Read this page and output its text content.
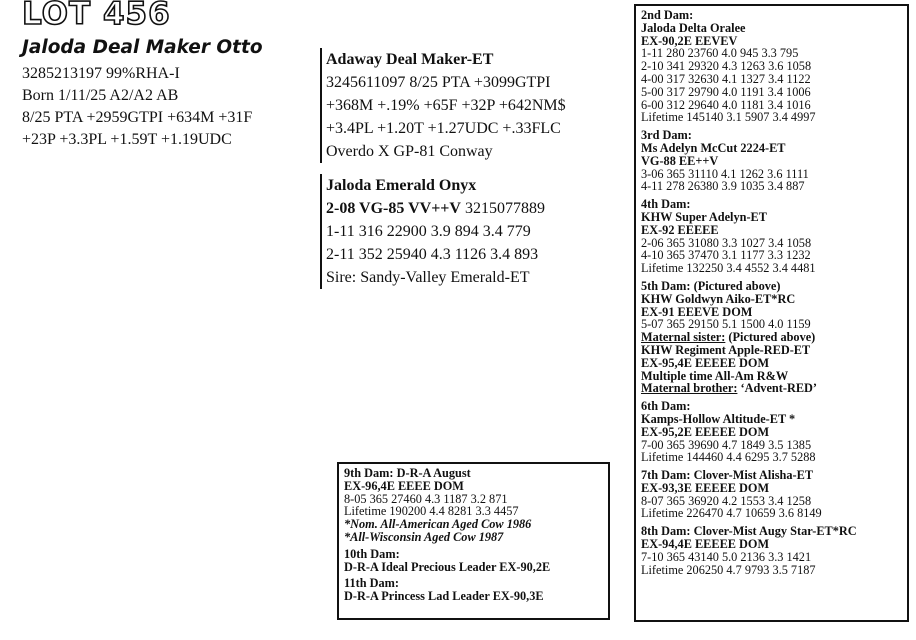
LOT 456
Jaloda Deal Maker Otto
3285213197 99%RHA-I
Born 1/11/25 A2/A2 AB
8/25 PTA +2959GTPI +634M +31F
+23P +3.3PL +1.59T +1.19UDC
Adaway Deal Maker-ET
3245611097 8/25 PTA +3099GTPI
+368M +.19% +65F +32P +642NM$
+3.4PL +1.20T +1.27UDC +.33FLC
Overdo X GP-81 Conway
Jaloda Emerald Onyx
2-08 VG-85 VV++V 3215077889
1-11 316 22900 3.9 894 3.4 779
2-11 352 25940 4.3 1126 3.4 893
Sire: Sandy-Valley Emerald-ET
2nd Dam:
Jaloda Delta Oralee
EX-90,2E EEVEV
1-11 280 23760 4.0 945 3.3 795
2-10 341 29320 4.3 1263 3.6 1058
4-00 317 32630 4.1 1327 3.4 1122
5-00 317 29790 4.0 1191 3.4 1006
6-00 312 29640 4.0 1181 3.4 1016
Lifetime 145140 3.1 5907 3.4 4997
3rd Dam:
Ms Adelyn McCut 2224-ET
VG-88 EE++V
3-06 365 31110 4.1 1262 3.6 1111
4-11 278 26380 3.9 1035 3.4 887
4th Dam:
KHW Super Adelyn-ET
EX-92 EEEEE
2-06 365 31080 3.3 1027 3.4 1058
4-10 365 37470 3.1 1177 3.3 1232
Lifetime 132250 3.4 4552 3.4 4481
5th Dam: (Pictured above)
KHW Goldwyn Aiko-ET*RC
EX-91 EEEVE DOM
5-07 365 29150 5.1 1500 4.0 1159
Maternal sister: (Pictured above)
KHW Regiment Apple-RED-ET
EX-95,4E EEEEE DOM
Multiple time All-Am R&W
Maternal brother: ‘Advent-RED’
6th Dam:
Kamps-Hollow Altitude-ET *
EX-95,2E EEEEE DOM
7-00 365 39690 4.7 1849 3.5 1385
Lifetime 144460 4.4 6295 3.7 5288
7th Dam: Clover-Mist Alisha-ET
EX-93,3E EEEEE DOM
8-07 365 36920 4.2 1553 3.4 1258
Lifetime 226470 4.7 10659 3.6 8149
8th Dam: Clover-Mist Augy Star-ET*RC
EX-94,4E EEEEE DOM
7-10 365 43140 5.0 2136 3.3 1421
Lifetime 206250 4.7 9793 3.5 7187
9th Dam: D-R-A August
EX-96,4E EEEE DOM
8-05 365 27460 4.3 1187 3.2 871
Lifetime 190200 4.4 8281 3.3 4457
*Nom. All-American Aged Cow 1986
*All-Wisconsin Aged Cow 1987
10th Dam:
D-R-A Ideal Precious Leader EX-90,2E
11th Dam:
D-R-A Princess Lad Leader EX-90,3E
